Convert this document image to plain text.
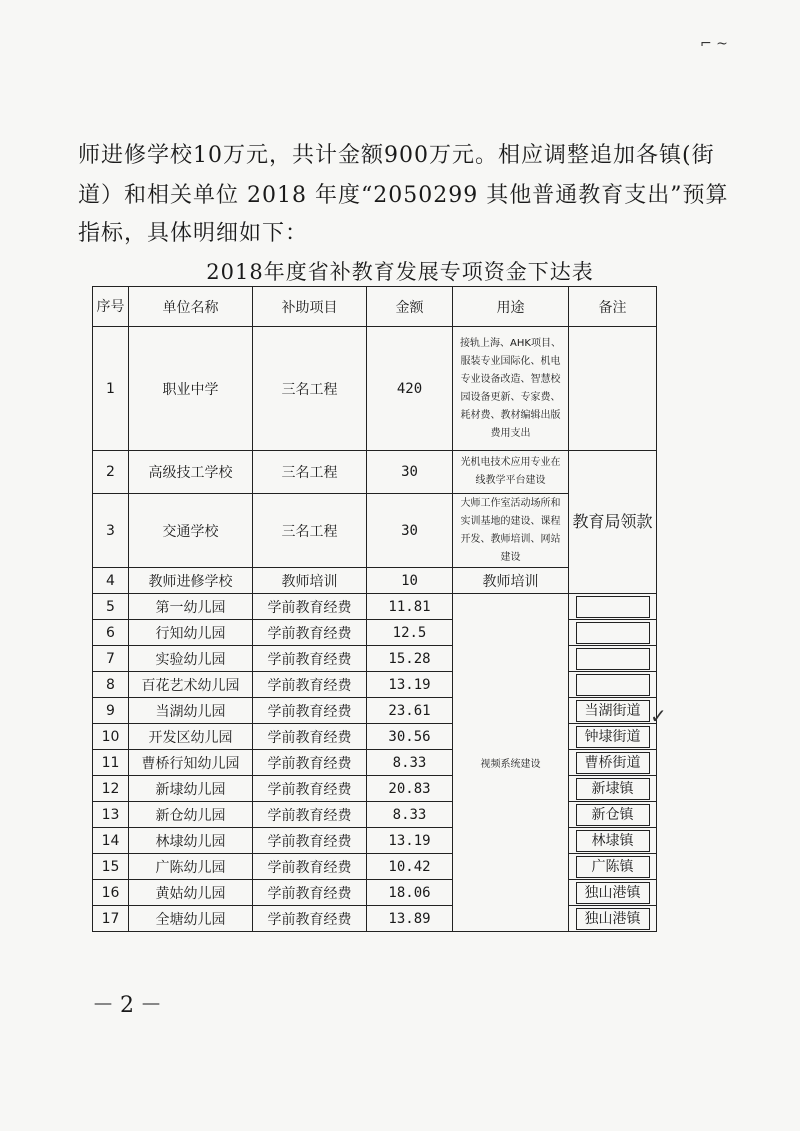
师进修学校10万元，共计金额900万元。相应调整追加各镇(街
道）和相关单位 2018 年度“2050299 其他普通教育支出”预算
指标，具体明细如下：
2018年度省补教育发展专项资金下达表
序号	单位名称	补助项目	金额	用途	备注
1	职业中学	三名工程	420	接轨上海、AHK项目、服装专业国际化、机电专业设备改造、智慧校园设备更新、专家费、耗材费、教材编辑出版费用支出	
2	高级技工学校	三名工程	30	光机电技术应用专业在线教学平台建设	教育局领款
3	交通学校	三名工程	30	大师工作室活动场所和实训基地的建设、课程开发、教师培训、网站建设	
4	教师进修学校	教师培训	10	教师培训	
5	第一幼儿园	学前教育经费	11.81	视频系统建设	

6	行知幼儿园	学前教育经费	12.5		

7	实验幼儿园	学前教育经费	15.28		

8	百花艺术幼儿园	学前教育经费	13.19		

9	当湖幼儿园	学前教育经费	23.61		当湖街道

10	开发区幼儿园	学前教育经费	30.56		钟埭街道

11	曹桥行知幼儿园	学前教育经费	8.33		曹桥街道

12	新埭幼儿园	学前教育经费	20.83		新埭镇

13	新仓幼儿园	学前教育经费	8.33		新仓镇

14	林埭幼儿园	学前教育经费	13.19		林埭镇

15	广陈幼儿园	学前教育经费	10.42		广陈镇

16	黄姑幼儿园	学前教育经费	18.06		独山港镇

17	全塘幼儿园	学前教育经费	13.89		独山港镇
✓
⌐ ~
－2－
